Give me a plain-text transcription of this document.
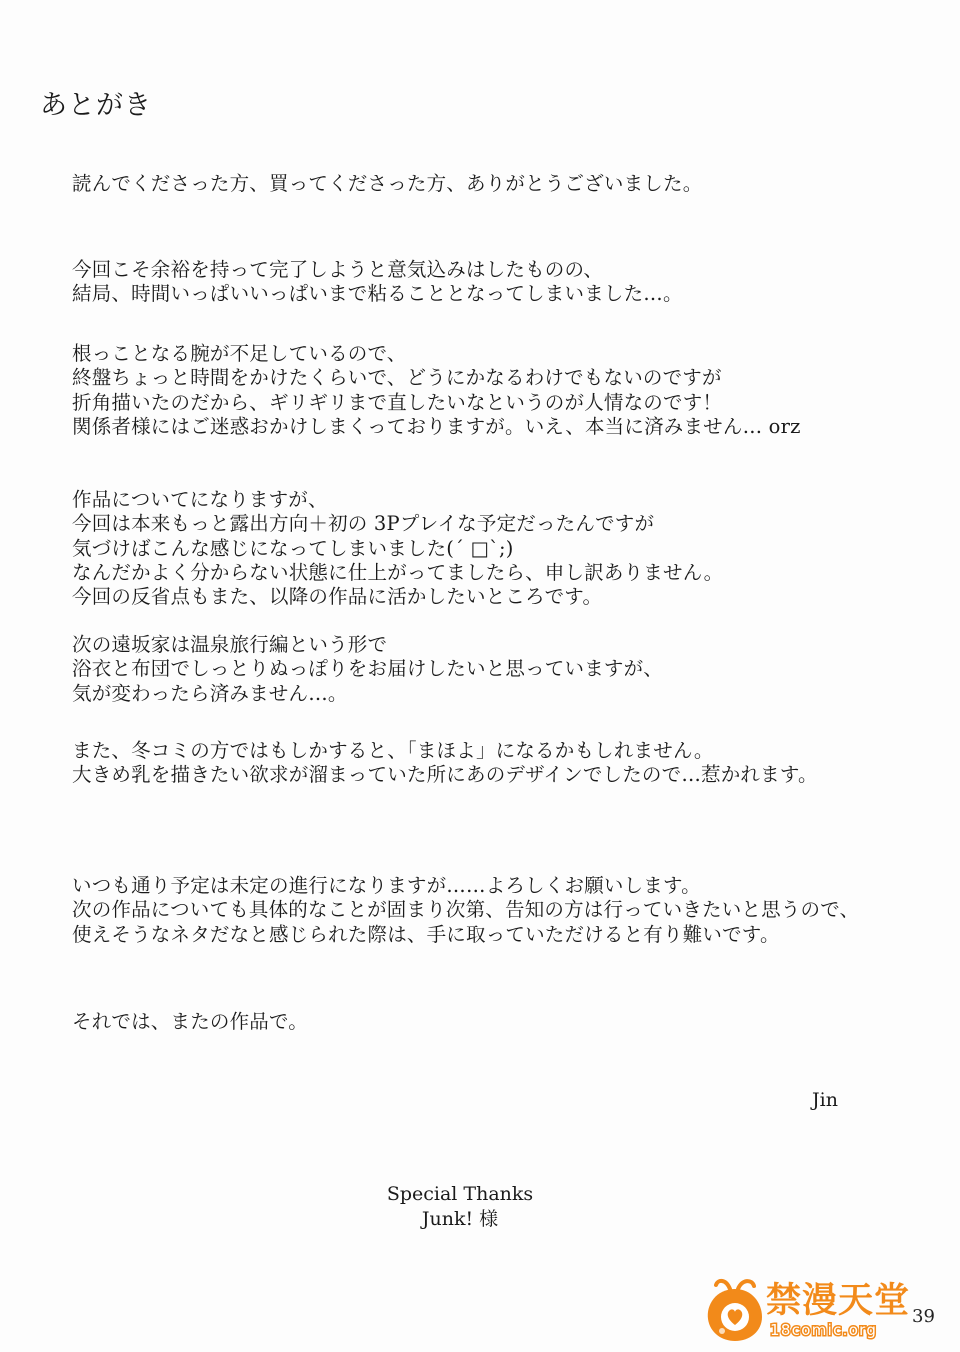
あとがき

読んでくださった方、買ってくださった方、ありがとうございました。

今回こそ余裕を持って完了しようと意気込みはしたものの、
結局、時間いっぱいいっぱいまで粘ることとなってしまいました…。

根っことなる腕が不足しているので、
終盤ちょっと時間をかけたくらいで、どうにかなるわけでもないのですが
折角描いたのだから、ギリギリまで直したいなというのが人情なのです！
関係者様にはご迷惑おかけしまくっておりますが。いえ、本当に済みません… orz

作品についてになりますが、
今回は本来もっと露出方向＋初の 3Pプレイな予定だったんですが
気づけばこんな感じになってしまいました(´ □`;)
なんだかよく分からない状態に仕上がってましたら、申し訳ありません。
今回の反省点もまた、以降の作品に活かしたいところです。

次の遠坂家は温泉旅行編という形で
浴衣と布団でしっとりぬっぽりをお届けしたいと思っていますが、
気が変わったら済みません…。

また、冬コミの方ではもしかすると、「まほよ」になるかもしれません。
大きめ乳を描きたい欲求が溜まっていた所にあのデザインでしたので…惹かれます。

いつも通り予定は未定の進行になりますが……よろしくお願いします。
次の作品についても具体的なことが固まり次第、告知の方は行っていきたいと思うので、
使えそうなネタだなと感じられた際は、手に取っていただけると有り難いです。

それでは、またの作品で。

Jin
Special Thanks
Junk! 様
39
禁漫天堂
18comic.org
